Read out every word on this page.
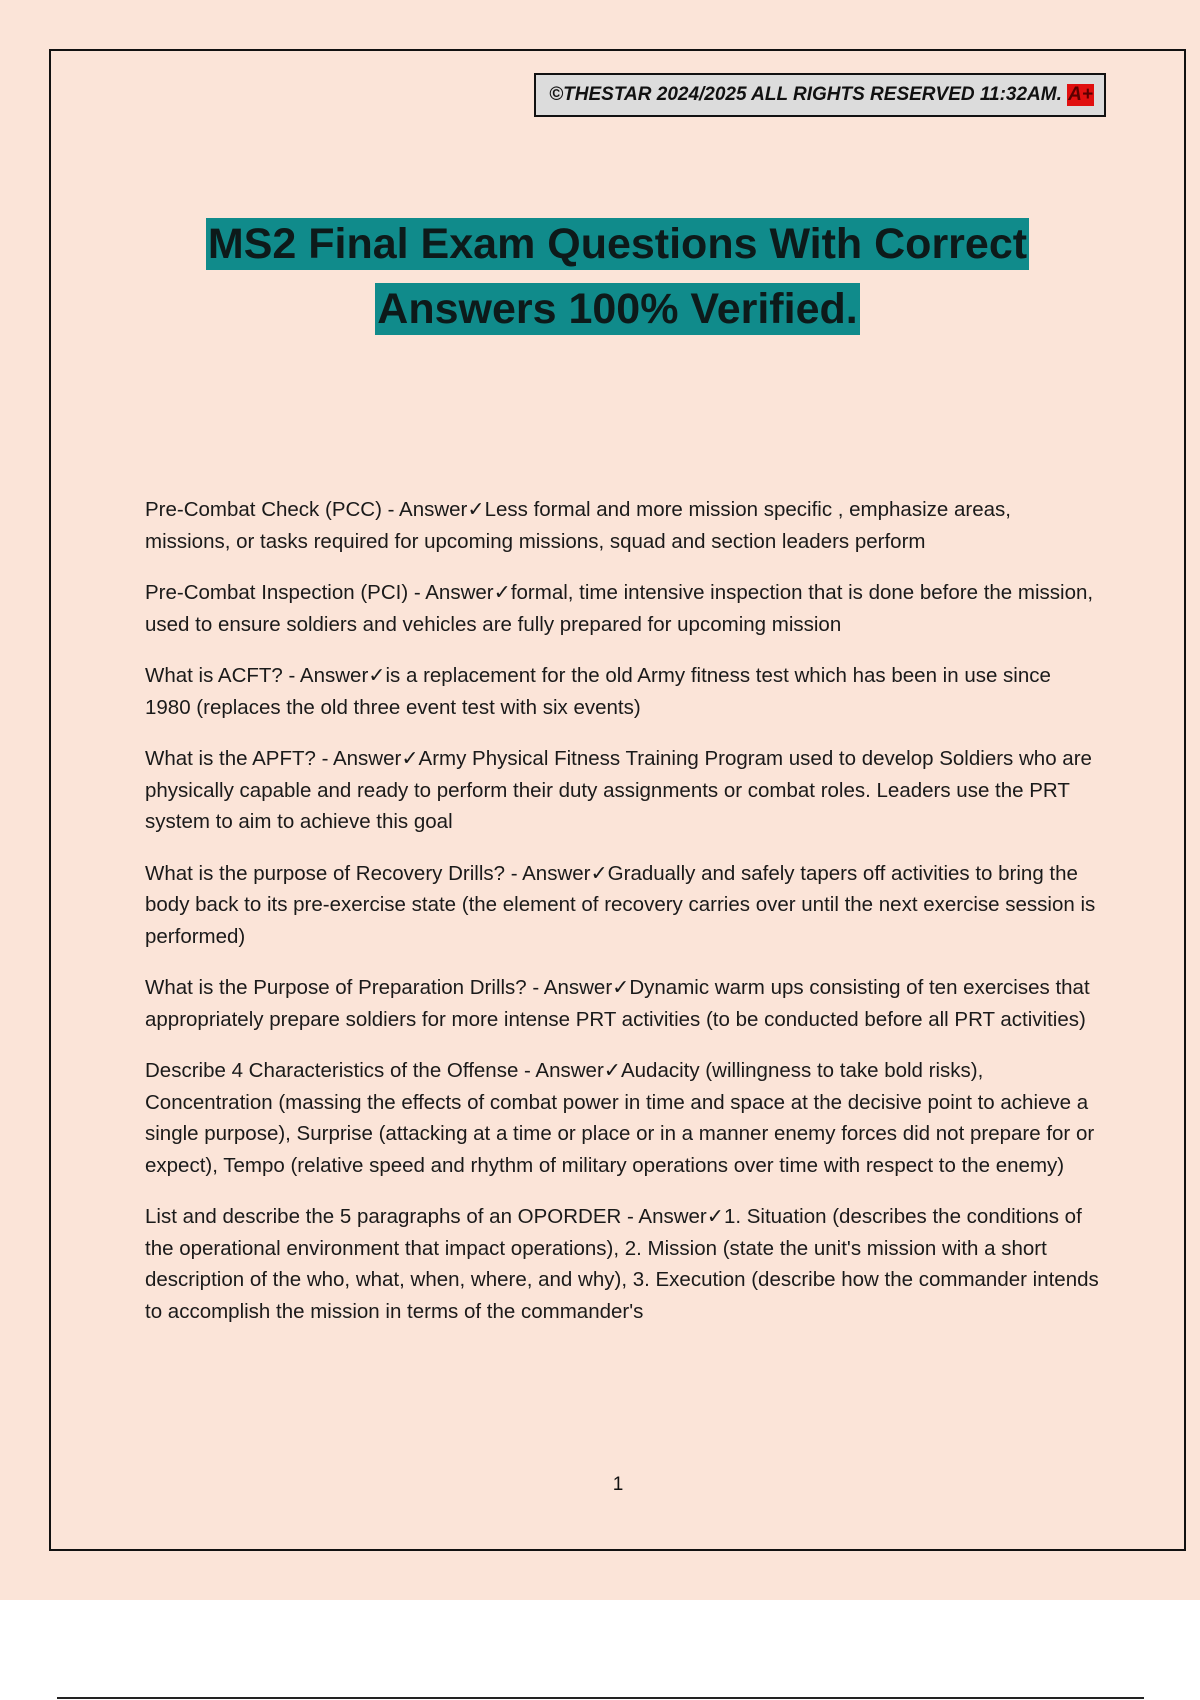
©THESTAR 2024/2025 ALL RIGHTS RESERVED 11:32AM.
A+
MS2 Final Exam Questions With Correct
Answers 100% Verified.

Pre-Combat Check (PCC) - Answer✓Less formal and more mission specific , emphasize areas, missions, or tasks required for upcoming missions, squad and section leaders perform

Pre-Combat Inspection (PCI) - Answer✓formal, time intensive inspection that is done before the mission, used to ensure soldiers and vehicles are fully prepared for upcoming mission

What is ACFT? - Answer✓is a replacement for the old Army fitness test which has been in use since 1980 (replaces the old three event test with six events)

What is the APFT? - Answer✓Army Physical Fitness Training Program used to develop Soldiers who are physically capable and ready to perform their duty assignments or combat roles. Leaders use the PRT system to aim to achieve this goal

What is the purpose of Recovery Drills? - Answer✓Gradually and safely tapers off activities to bring the body back to its pre-exercise state (the element of recovery carries over until the next exercise session is performed)

What is the Purpose of Preparation Drills? - Answer✓Dynamic warm ups consisting of ten exercises that appropriately prepare soldiers for more intense PRT activities (to be conducted before all PRT activities)

Describe 4 Characteristics of the Offense - Answer✓Audacity (willingness to take bold risks), Concentration (massing the effects of combat power in time and space at the decisive point to achieve a single purpose), Surprise (attacking at a time or place or in a manner enemy forces did not prepare for or expect), Tempo (relative speed and rhythm of military operations over time with respect to the enemy)

List and describe the 5 paragraphs of an OPORDER - Answer✓1. Situation (describes the conditions of the operational environment that impact operations), 2. Mission (state the unit's mission with a short description of the who, what, when, where, and why), 3. Execution (describe how the commander intends to accomplish the mission in terms of the commander's

1
